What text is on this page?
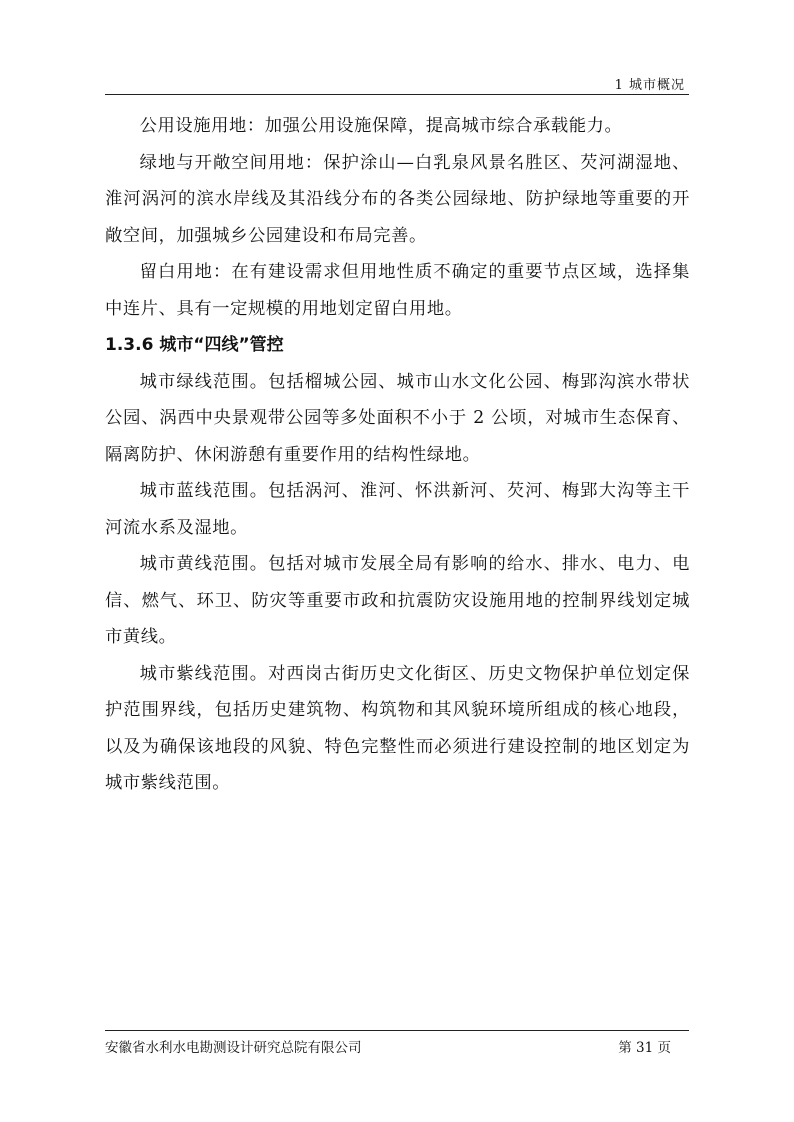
1 城市概况

公用设施用地：加强公用设施保障，提高城市综合承载能力。

绿地与开敞空间用地：保护涂山—白乳泉风景名胜区、芡河湖湿地、淮河涡河的滨水岸线及其沿线分布的各类公园绿地、防护绿地等重要的开敞空间，加强城乡公园建设和布局完善。

留白用地：在有建设需求但用地性质不确定的重要节点区域，选择集中连片、具有一定规模的用地划定留白用地。

1.3.6 城市“四线”管控

城市绿线范围。包括榴城公园、城市山水文化公园、梅郢沟滨水带状公园、涡西中央景观带公园等多处面积不小于 2 公顷，对城市生态保育、隔离防护、休闲游憩有重要作用的结构性绿地。

城市蓝线范围。包括涡河、淮河、怀洪新河、芡河、梅郢大沟等主干河流水系及湿地。

城市黄线范围。包括对城市发展全局有影响的给水、排水、电力、电信、燃气、环卫、防灾等重要市政和抗震防灾设施用地的控制界线划定城市黄线。

城市紫线范围。对西岗古街历史文化街区、历史文物保护单位划定保护范围界线，包括历史建筑物、构筑物和其风貌环境所组成的核心地段，以及为确保该地段的风貌、特色完整性而必须进行建设控制的地区划定为城市紫线范围。

安徽省水利水电勘测设计研究总院有限公司	第 31 页
